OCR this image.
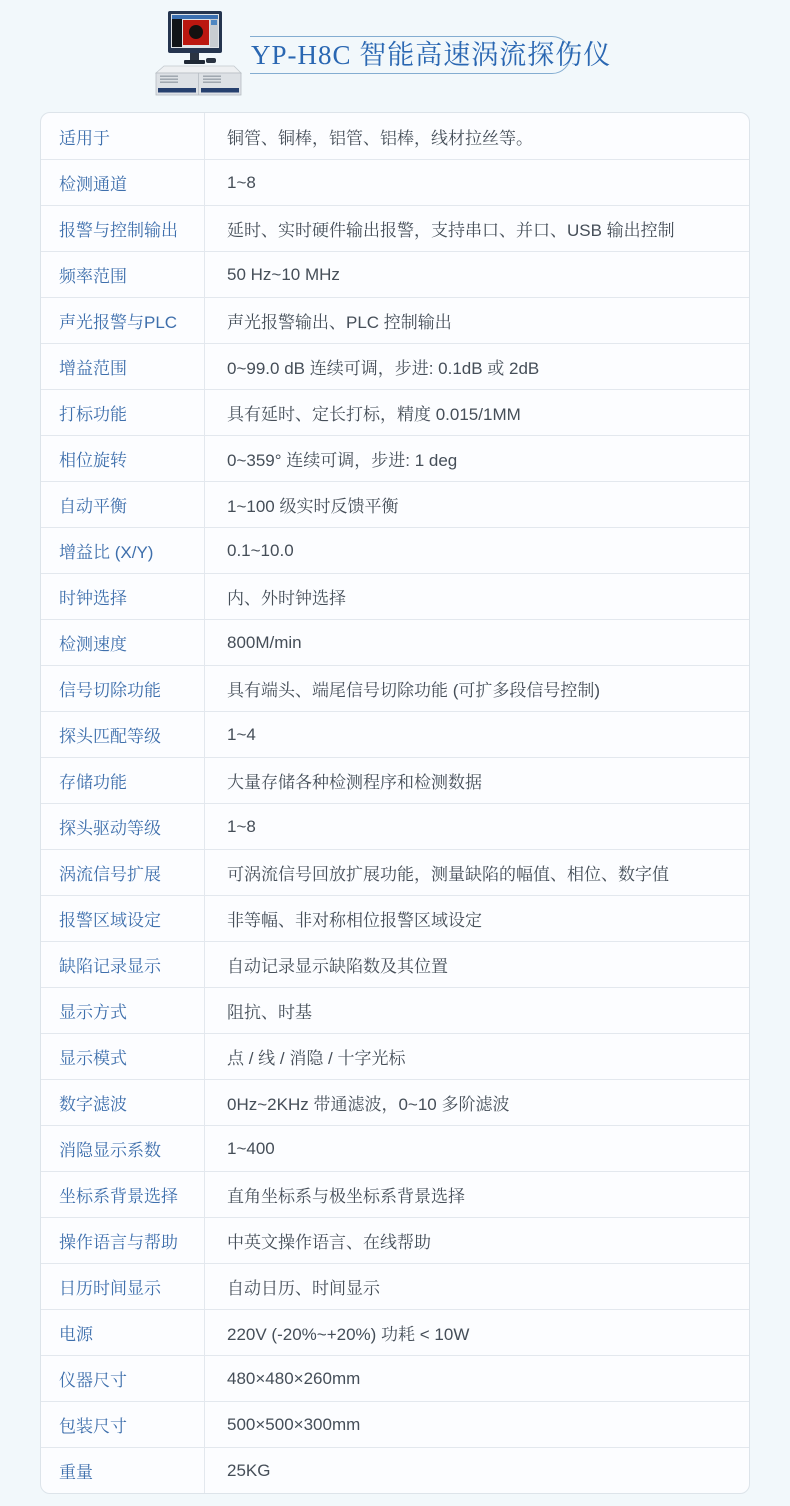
YP-H8C 智能高速涡流探伤仪
适用于	铜管、铜棒，铝管、铝棒，线材拉丝等。
检测通道	1~8
报警与控制输出	延时、实时硬件输出报警，支持串口、并口、USB 输出控制
频率范围	50 Hz~10 MHz
声光报警与PLC	声光报警输出、PLC 控制输出
增益范围	0~99.0 dB 连续可调，步进: 0.1dB 或 2dB
打标功能	具有延时、定长打标，精度 0.015/1MM
相位旋转	0~359° 连续可调，步进: 1 deg
自动平衡	1~100 级实时反馈平衡
增益比 (X/Y)	0.1~10.0
时钟选择	内、外时钟选择
检测速度	800M/min
信号切除功能	具有端头、端尾信号切除功能 (可扩多段信号控制)
探头匹配等级	1~4
存储功能	大量存储各种检测程序和检测数据
探头驱动等级	1~8
涡流信号扩展	可涡流信号回放扩展功能，测量缺陷的幅值、相位、数字值
报警区域设定	非等幅、非对称相位报警区域设定
缺陷记录显示	自动记录显示缺陷数及其位置
显示方式	阻抗、时基
显示模式	点 / 线 / 消隐 / 十字光标
数字滤波	0Hz~2KHz 带通滤波，0~10 多阶滤波
消隐显示系数	1~400
坐标系背景选择	直角坐标系与极坐标系背景选择
操作语言与帮助	中英文操作语言、在线帮助
日历时间显示	自动日历、时间显示
电源	220V (-20%~+20%) 功耗 < 10W
仪器尺寸	480×480×260mm
包装尺寸	500×500×300mm
重量	25KG
